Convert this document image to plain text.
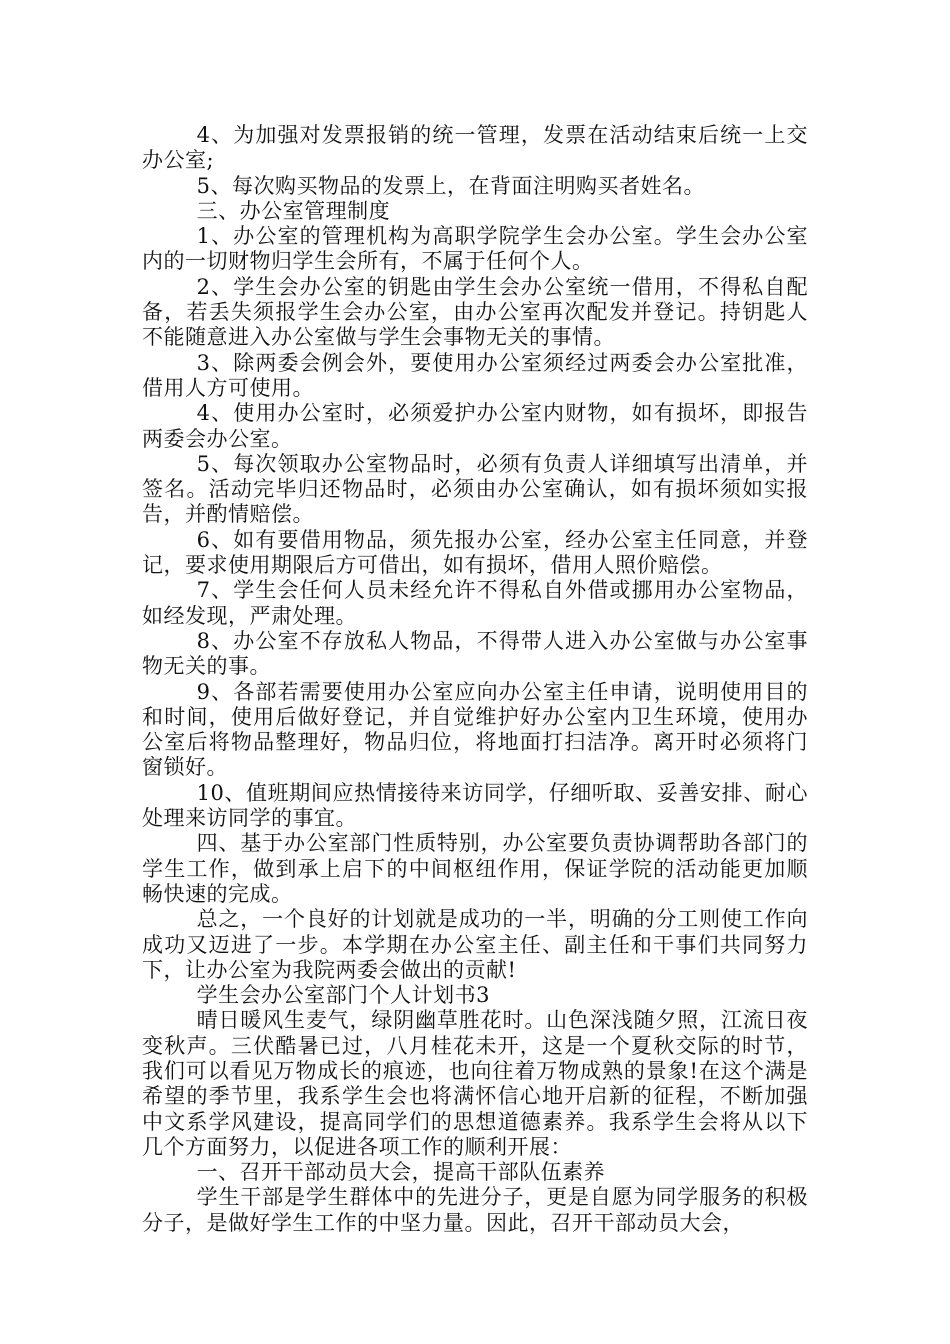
4、为加强对发票报销的统一管理，发票在活动结束后统一上交办公室;

5、每次购买物品的发票上，在背面注明购买者姓名。

三、办公室管理制度

1、办公室的管理机构为高职学院学生会办公室。学生会办公室内的一切财物归学生会所有，不属于任何个人。

2、学生会办公室的钥匙由学生会办公室统一借用，不得私自配备，若丢失须报学生会办公室，由办公室再次配发并登记。持钥匙人不能随意进入办公室做与学生会事物无关的事情。

3、除两委会例会外，要使用办公室须经过两委会办公室批准，借用人方可使用。

4、使用办公室时，必须爱护办公室内财物，如有损坏，即报告两委会办公室。

5、每次领取办公室物品时，必须有负责人详细填写出清单，并签名。活动完毕归还物品时，必须由办公室确认，如有损坏须如实报告，并酌情赔偿。

6、如有要借用物品，须先报办公室，经办公室主任同意，并登记，要求使用期限后方可借出，如有损坏，借用人照价赔偿。

7、学生会任何人员未经允许不得私自外借或挪用办公室物品，如经发现，严肃处理。

8、办公室不存放私人物品，不得带人进入办公室做与办公室事物无关的事。

9、各部若需要使用办公室应向办公室主任申请，说明使用目的和时间，使用后做好登记，并自觉维护好办公室内卫生环境，使用办公室后将物品整理好，物品归位，将地面打扫洁净。离开时必须将门窗锁好。

10、值班期间应热情接待来访同学，仔细听取、妥善安排、耐心处理来访同学的事宜。

四、基于办公室部门性质特别，办公室要负责协调帮助各部门的学生工作，做到承上启下的中间枢纽作用，保证学院的活动能更加顺畅快速的完成。

总之，一个良好的计划就是成功的一半，明确的分工则使工作向成功又迈进了一步。本学期在办公室主任、副主任和干事们共同努力下，让办公室为我院两委会做出的贡献!

学生会办公室部门个人计划书3

晴日暖风生麦气，绿阴幽草胜花时。山色深浅随夕照，江流日夜变秋声。三伏酷暑已过，八月桂花未开，这是一个夏秋交际的时节，我们可以看见万物成长的痕迹，也向往着万物成熟的景象!在这个满是希望的季节里，我系学生会也将满怀信心地开启新的征程，不断加强中文系学风建设，提高同学们的思想道德素养。我系学生会将从以下几个方面努力，以促进各项工作的顺利开展：

一、召开干部动员大会，提高干部队伍素养

学生干部是学生群体中的先进分子，更是自愿为同学服务的积极分子，是做好学生工作的中坚力量。因此，召开干部动员大会，
